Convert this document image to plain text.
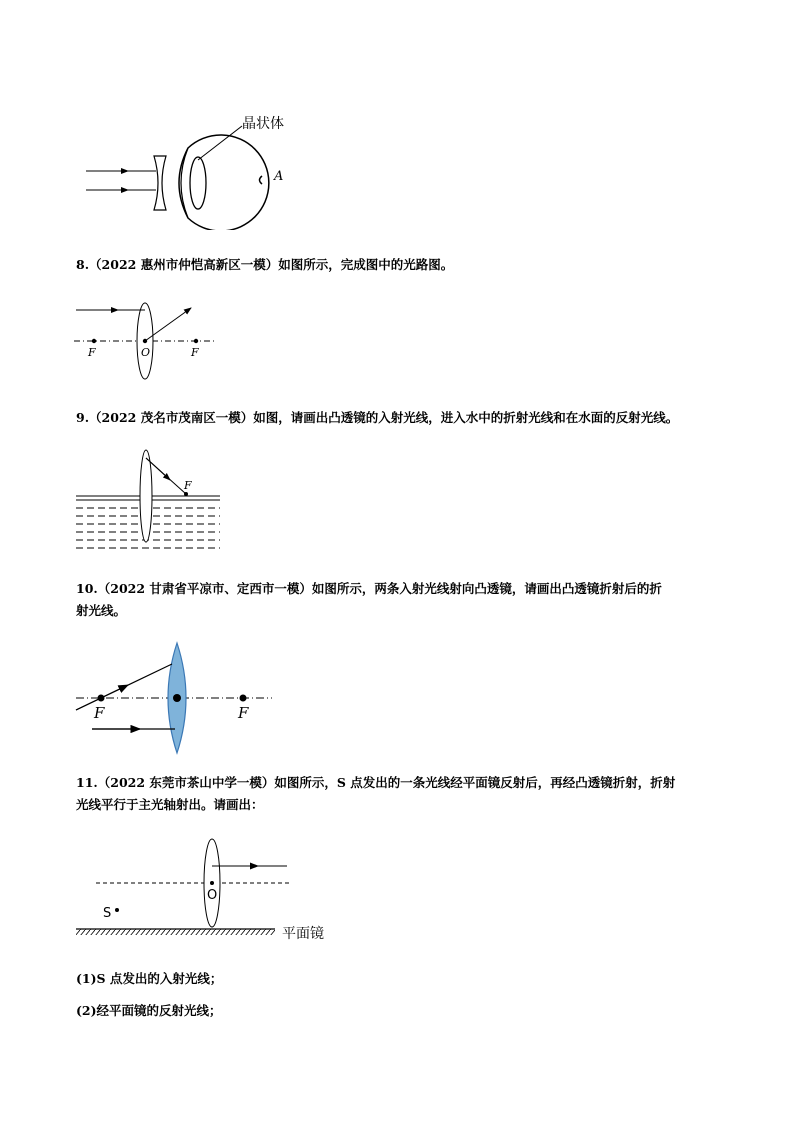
晶状体
A
8.（2022 惠州市仲恺高新区一模）如图所示，完成图中的光路图。
F	O	F
9.（2022 茂名市茂南区一模）如图，请画出凸透镜的入射光线，进入水中的折射光线和在水面的反射光线。
F
10.（2022 甘肃省平凉市、定西市一模）如图所示，两条入射光线射向凸透镜，请画出凸透镜折射后的折
射光线。
F	F
11.（2022 东莞市茶山中学一模）如图所示，S 点发出的一条光线经平面镜反射后，再经凸透镜折射，折射
光线平行于主光轴射出。请画出：
O
S
平面镜
(1)S 点发出的入射光线；
(2)经平面镜的反射光线；
